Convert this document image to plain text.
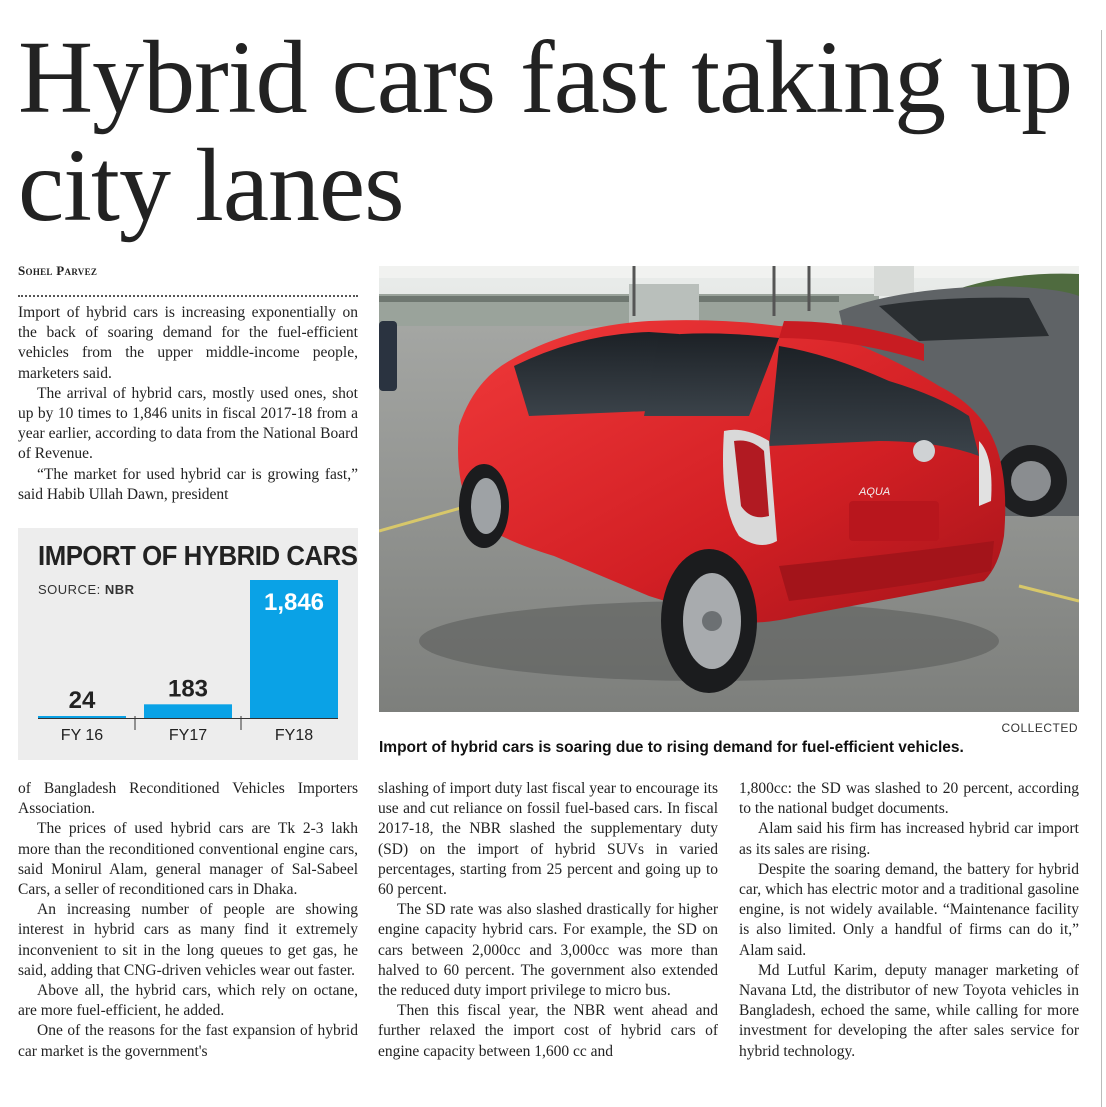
Hybrid cars fast taking up city lanes
Sohel Parvez

Import of hybrid cars is increasing exponentially on the back of soaring demand for the fuel-efficient vehicles from the upper middle-income people, marketers said.

The arrival of hybrid cars, mostly used ones, shot up by 10 times to 1,846 units in fiscal 2017-18 from a year earlier, according to data from the National Board of Revenue.

“The market for used hybrid car is growing fast,” said Habib Ullah Dawn, president

IMPORT OF HYBRID CARS
SOURCE: NBR
24
FY 16
183
FY17
1,846
FY18
AQUA
COLLECTED

Import of hybrid cars is soaring due to rising demand for fuel-efficient vehicles.

of Bangladesh Reconditioned Vehicles Importers Association.

The prices of used hybrid cars are Tk 2-3 lakh more than the reconditioned conventional engine cars, said Monirul Alam, general manager of Sal-Sabeel Cars, a seller of reconditioned cars in Dhaka.

An increasing number of people are showing interest in hybrid cars as many find it extremely inconvenient to sit in the long queues to get gas, he said, adding that CNG-driven vehicles wear out faster.

Above all, the hybrid cars, which rely on octane, are more fuel-efficient, he added.

One of the reasons for the fast expansion of hybrid car market is the government's

slashing of import duty last fiscal year to encourage its use and cut reliance on fossil fuel-based cars. In fiscal 2017-18, the NBR slashed the supplementary duty (SD) on the import of hybrid SUVs in varied percentages, starting from 25 percent and going up to 60 percent.

The SD rate was also slashed drastically for higher engine capacity hybrid cars. For example, the SD on cars between 2,000cc and 3,000cc was more than halved to 60 percent. The government also extended the reduced duty import privilege to micro bus.

Then this fiscal year, the NBR went ahead and further relaxed the import cost of hybrid cars of engine capacity between 1,600 cc and

1,800cc: the SD was slashed to 20 percent, according to the national budget documents.

Alam said his firm has increased hybrid car import as its sales are rising.

Despite the soaring demand, the battery for hybrid car, which has electric motor and a traditional gasoline engine, is not widely available. “Maintenance facility is also limited. Only a handful of firms can do it,” Alam said.

Md Lutful Karim, deputy manager marketing of Navana Ltd, the distributor of new Toyota vehicles in Bangladesh, echoed the same, while calling for more investment for developing the after sales service for hybrid technology.
